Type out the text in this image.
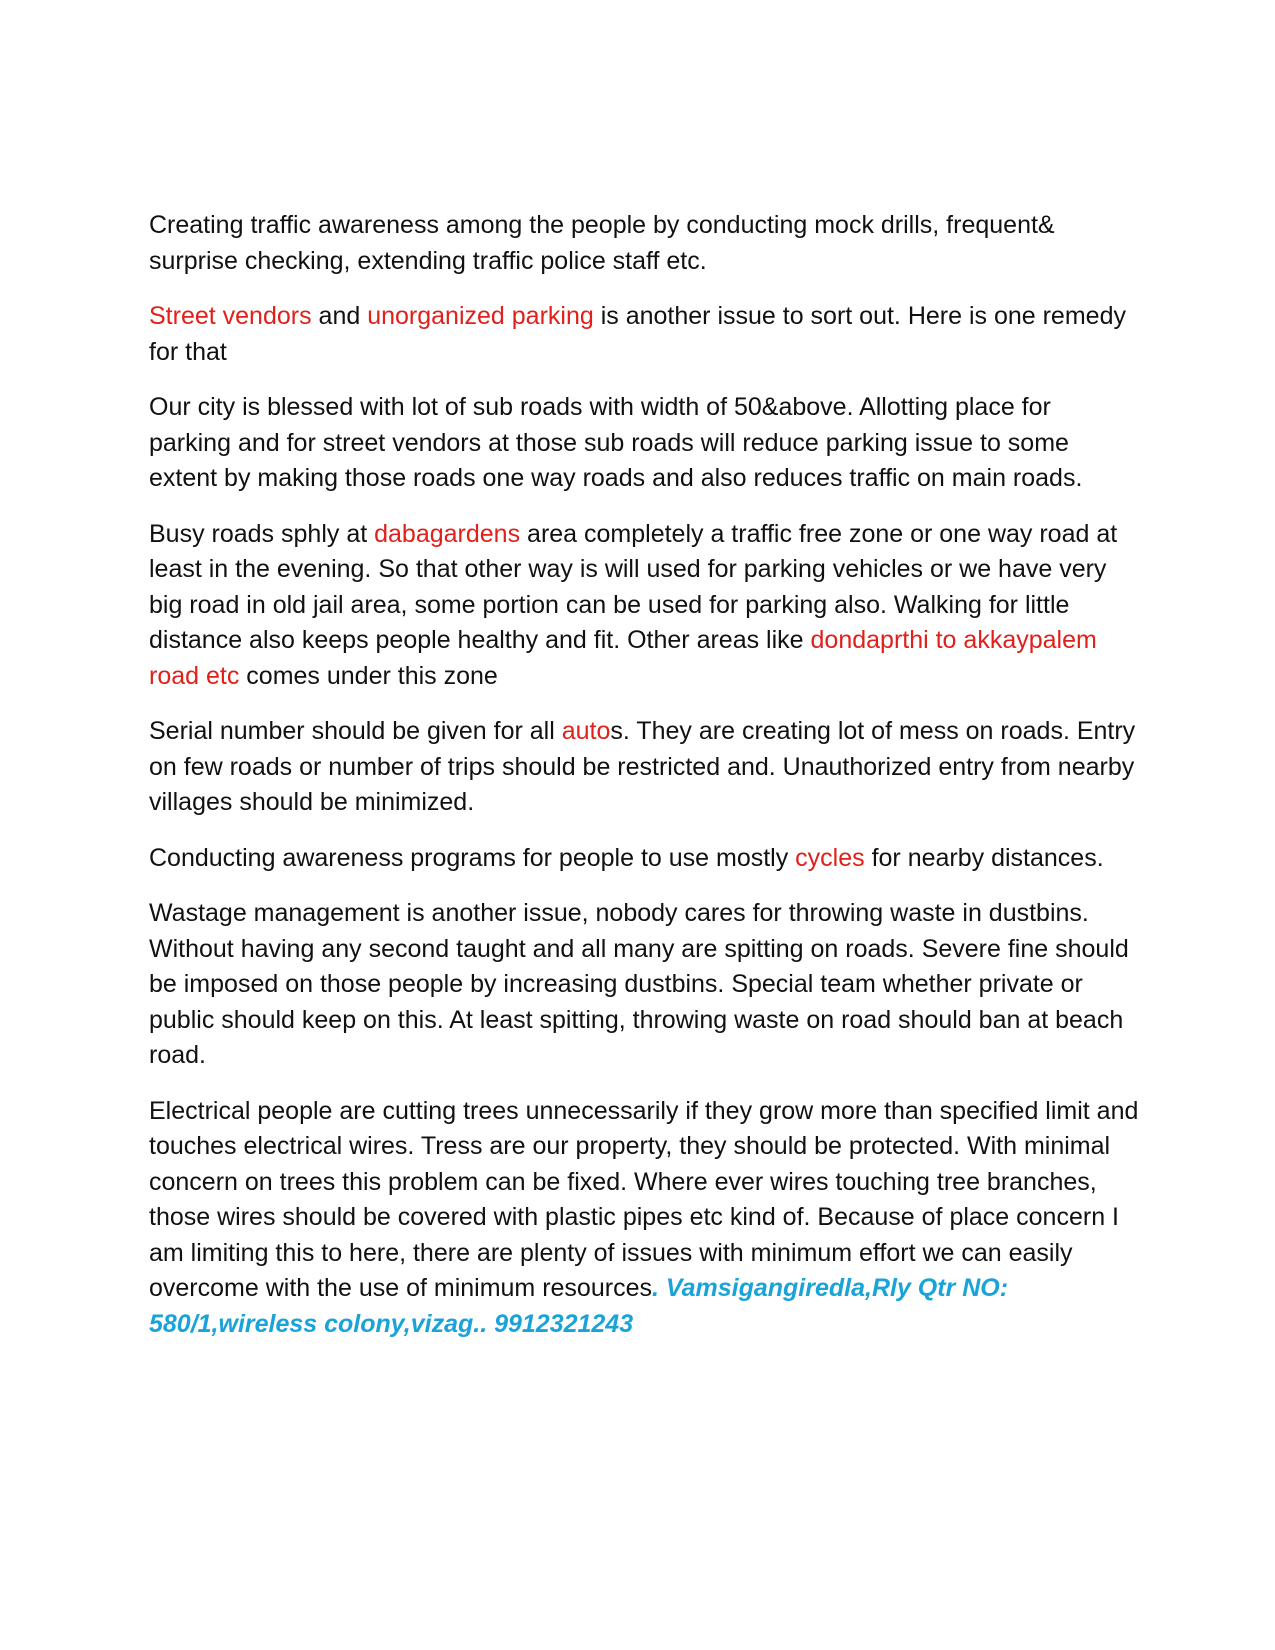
Creating traffic awareness among the people by conducting mock drills, frequent& surprise checking, extending traffic police staff etc.

Street vendors and unorganized parking is another issue to sort out. Here is one remedy for that

Our city is blessed with lot of sub roads with width of 50&above. Allotting place for parking and for street vendors at those sub roads will reduce parking issue to some extent by making those roads one way roads and also reduces traffic on main roads.

Busy roads sphly at dabagardens area completely a traffic free zone or one way road at least in the evening. So that other way is will used for parking vehicles or we have very big road in old jail area, some portion can be used for parking also. Walking for little distance also keeps people healthy and fit. Other areas like dondaprthi to akkaypalem road etc comes under this zone

Serial number should be given for all autos. They are creating lot of mess on roads. Entry on few roads or number of trips should be restricted and. Unauthorized entry from nearby villages should be minimized.

Conducting awareness programs for people to use mostly cycles for nearby distances.

Wastage management is another issue, nobody cares for throwing waste in dustbins. Without having any second taught and all many are spitting on roads. Severe fine should be imposed on those people by increasing dustbins. Special team whether private or public should keep on this. At least spitting, throwing waste on road should ban at beach road.

Electrical people are cutting trees unnecessarily if they grow more than specified limit and touches electrical wires. Tress are our property, they should be protected. With minimal concern on trees this problem can be fixed. Where ever wires touching tree branches, those wires should be covered with plastic pipes etc kind of. Because of place concern I am limiting this to here, there are plenty of issues with minimum effort we can easily overcome with the use of minimum resources. Vamsigangiredla,Rly Qtr NO: 580/1,wireless colony,vizag.. 9912321243
